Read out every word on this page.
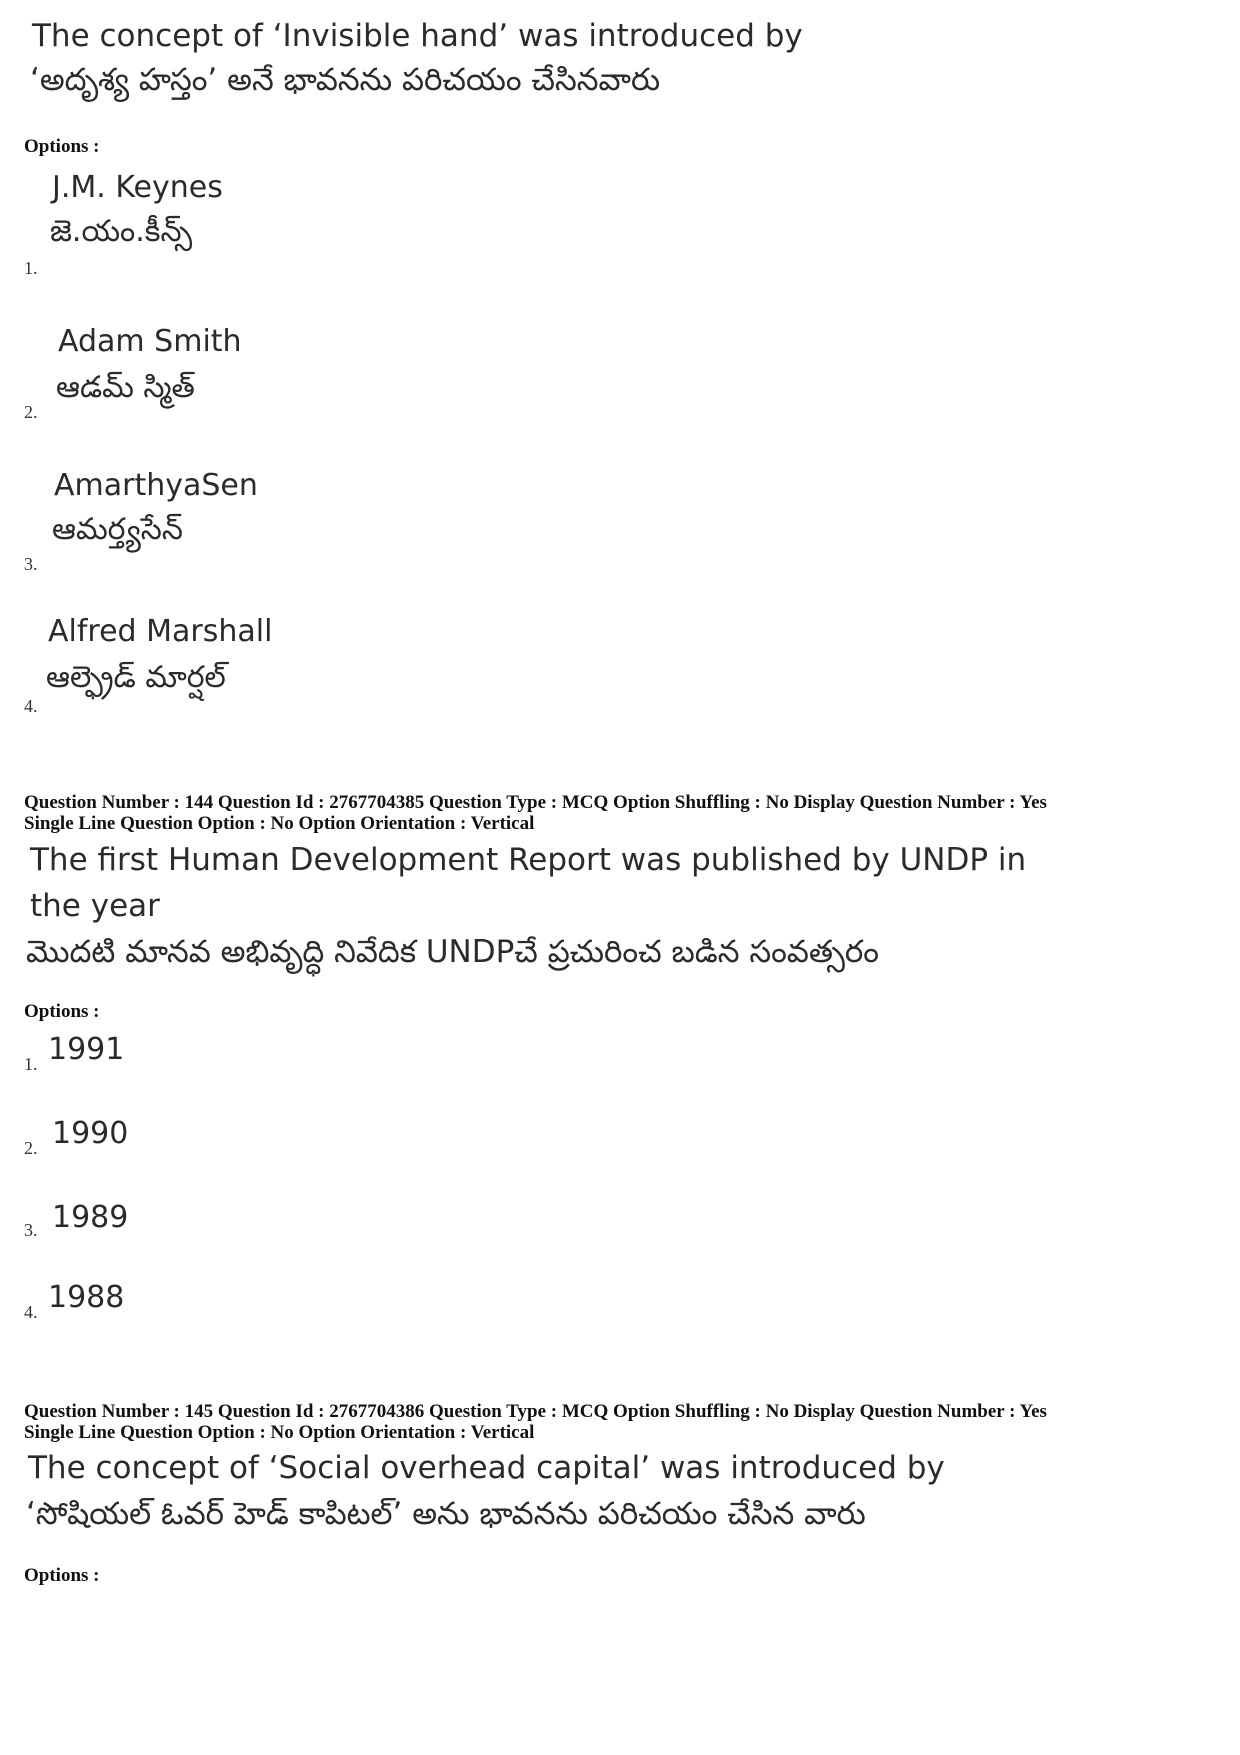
The concept of ‘Invisible hand’ was introduced by
‘అదృశ్య హస్తం’ అనే భావనను పరిచయం చేసినవారు
Options :
J.M. Keynes
జె.యం.కీన్స్
1.
Adam Smith
ఆడమ్ స్మిత్
2.
AmarthyaSen
ఆమర్త్యసేన్
3.
Alfred Marshall
ఆల్ఫ్రెడ్ మార్షల్
4.
Question Number : 144 Question Id : 2767704385 Question Type : MCQ Option Shuffling : No Display Question Number : Yes
Single Line Question Option : No Option Orientation : Vertical
The first Human Development Report was published by UNDP in
the year
మొదటి మానవ అభివృద్ధి నివేదిక UNDPచే ప్రచురించ బడిన సంవత్సరం
Options :
1. 1991
2. 1990
3. 1989
4. 1988
Question Number : 145 Question Id : 2767704386 Question Type : MCQ Option Shuffling : No Display Question Number : Yes
Single Line Question Option : No Option Orientation : Vertical
The concept of ‘Social overhead capital’ was introduced by
‘సోషియల్ ఓవర్ హెడ్ కాపిటల్’ అను భావనను పరిచయం చేసిన వారు
Options :
